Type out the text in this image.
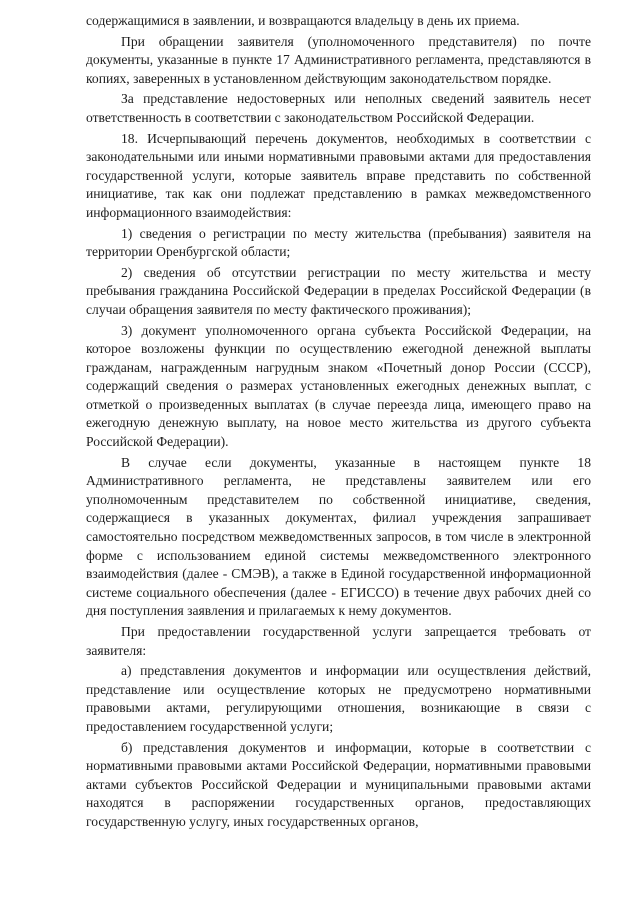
содержащимися в заявлении, и возвращаются владельцу в день их приема.

При обращении заявителя (уполномоченного представителя) по почте документы, указанные в пункте 17 Административного регламента, представляются в копиях, заверенных в установленном действующим законодательством порядке.

За представление недостоверных или неполных сведений заявитель несет ответственность в соответствии с законодательством Российской Федерации.

18. Исчерпывающий перечень документов, необходимых в соответствии с законодательными или иными нормативными правовыми актами для предоставления государственной услуги, которые заявитель вправе представить по собственной инициативе, так как они подлежат представлению в рамках межведомственного информационного взаимодействия:

1) сведения о регистрации по месту жительства (пребывания) заявителя на территории Оренбургской области;

2) сведения об отсутствии регистрации по месту жительства и месту пребывания гражданина Российской Федерации в пределах Российской Федерации (в случаи обращения заявителя по месту фактического проживания);

3) документ уполномоченного органа субъекта Российской Федерации, на которое возложены функции по осуществлению ежегодной денежной выплаты гражданам, награжденным нагрудным знаком «Почетный донор России (СССР), содержащий сведения о размерах установленных ежегодных денежных выплат, с отметкой о произведенных выплатах (в случае переезда лица, имеющего право на ежегодную денежную выплату, на новое место жительства из другого субъекта Российской Федерации).

В случае если документы, указанные в настоящем пункте 18 Административного регламента, не представлены заявителем или его уполномоченным представителем по собственной инициативе, сведения, содержащиеся в указанных документах, филиал учреждения запрашивает самостоятельно посредством межведомственных запросов, в том числе в электронной форме с использованием единой системы межведомственного электронного взаимодействия (далее - СМЭВ), а также в Единой государственной информационной системе социального обеспечения (далее - ЕГИССО) в течение двух рабочих дней со дня поступления заявления и прилагаемых к нему документов.

При предоставлении государственной услуги запрещается требовать от заявителя:

а) представления документов и информации или осуществления действий, представление или осуществление которых не предусмотрено нормативными правовыми актами, регулирующими отношения, возникающие в связи с предоставлением государственной услуги;

б) представления документов и информации, которые в соответствии с нормативными правовыми актами Российской Федерации, нормативными правовыми актами субъектов Российской Федерации и муниципальными правовыми актами находятся в распоряжении государственных органов, предоставляющих государственную услугу, иных государственных органов,
